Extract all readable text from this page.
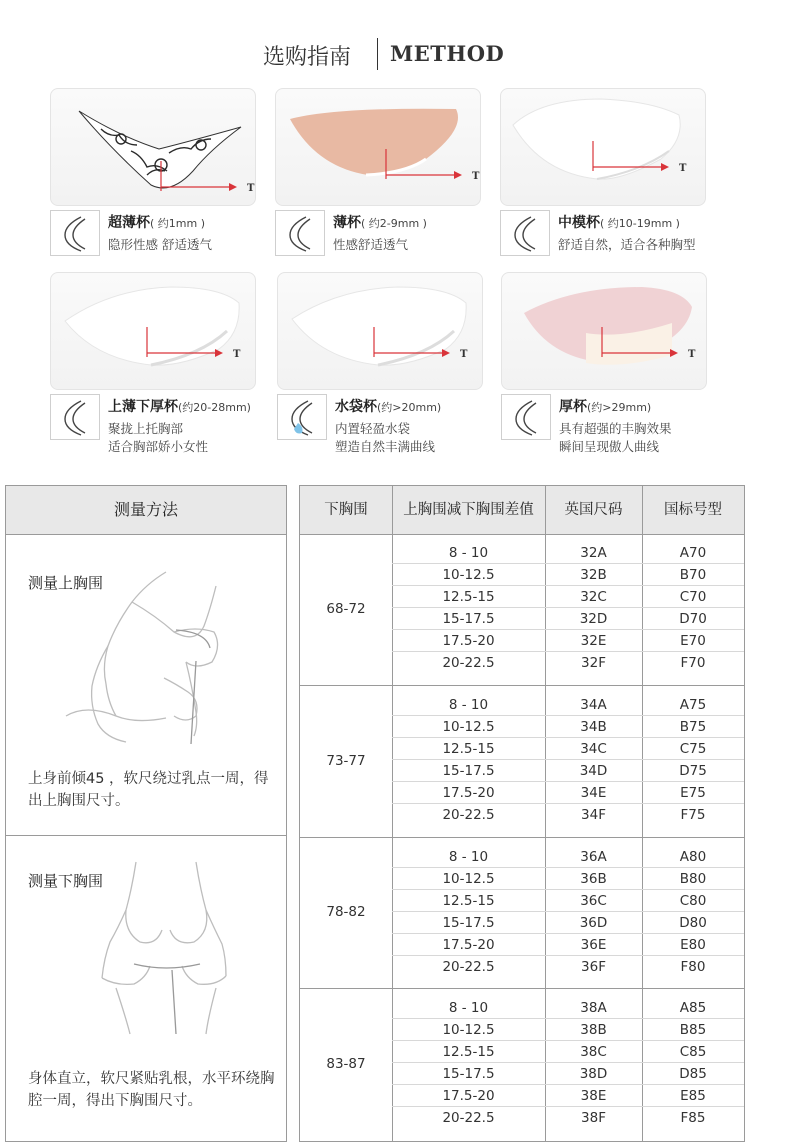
选购指南 METHOD
T
超薄杯( 约1mm )
隐形性感 舒适透气
T
薄杯( 约2-9mm )
性感舒适透气
T
中模杯( 约10-19mm )
舒适自然，适合各种胸型
T
上薄下厚杯(约20-28mm)
聚拢上托胸部
适合胸部娇小女性
T
水袋杯(约>20mm)
内置轻盈水袋
塑造自然丰满曲线
T
厚杯(约>29mm)
具有超强的丰胸效果
瞬间呈现傲人曲线
测量方法
测量上胸围
上身前倾45 ，软尺绕过乳点一周，得出上胸围尺寸。
测量下胸围
身体直立，软尺紧贴乳根，水平环绕胸腔一周，得出下胸围尺寸。
下胸围	上胸围减下胸围差值	英国尺码	国标号型
68-72
8 - 10	32A	A70
10-12.5	32B	B70
12.5-15	32C	C70
15-17.5	32D	D70
17.5-20	32E	E70
20-22.5	32F	F70
73-77
8 - 10	34A	A75
10-12.5	34B	B75
12.5-15	34C	C75
15-17.5	34D	D75
17.5-20	34E	E75
20-22.5	34F	F75
78-82
8 - 10	36A	A80
10-12.5	36B	B80
12.5-15	36C	C80
15-17.5	36D	D80
17.5-20	36E	E80
20-22.5	36F	F80
83-87
8 - 10	38A	A85
10-12.5	38B	B85
12.5-15	38C	C85
15-17.5	38D	D85
17.5-20	38E	E85
20-22.5	38F	F85
